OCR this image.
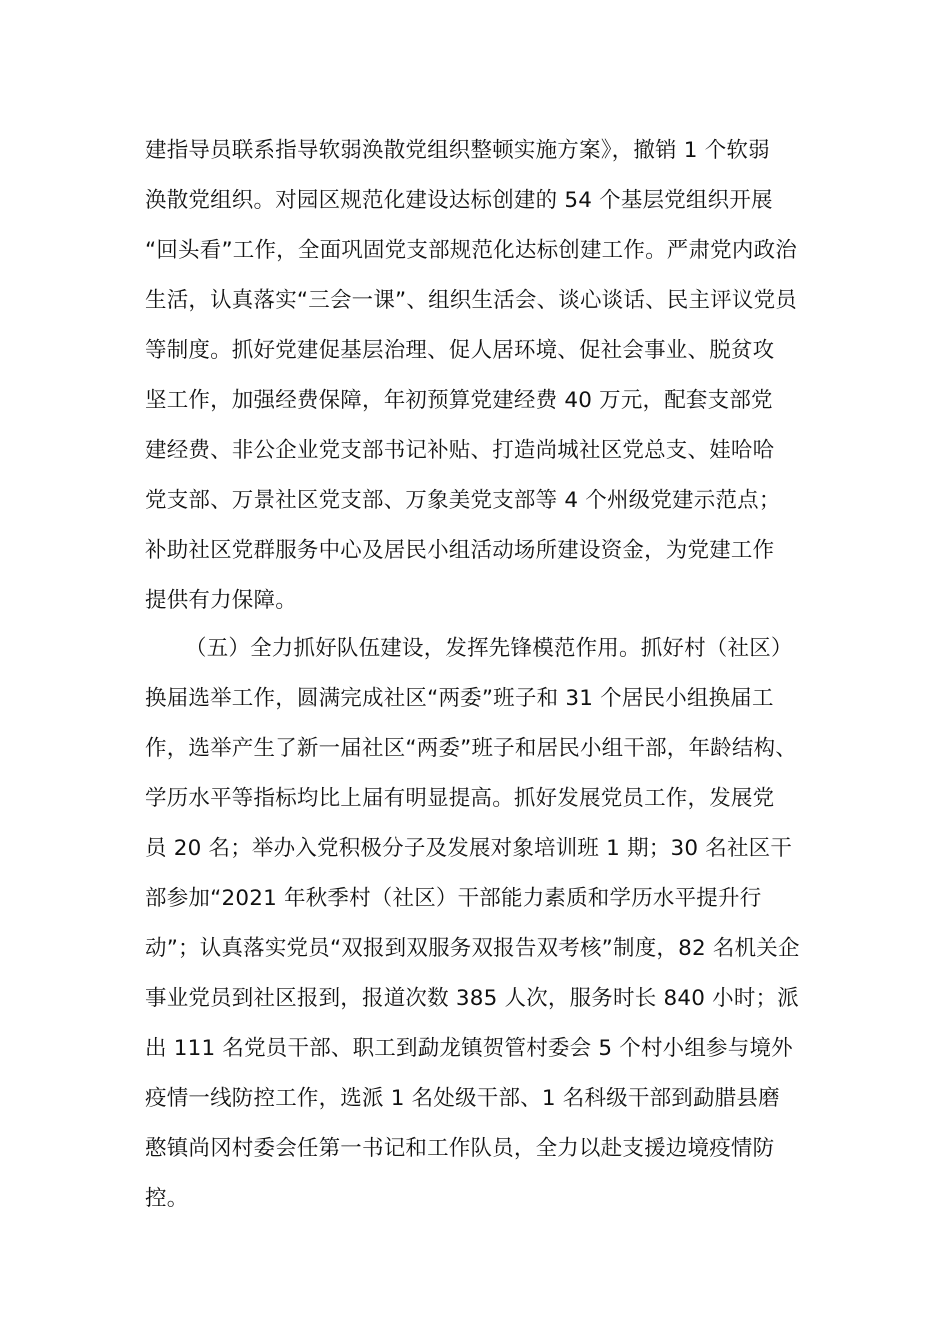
建指导员联系指导软弱涣散党组织整顿实施方案》，撤销 1 个软弱
涣散党组织。对园区规范化建设达标创建的 54 个基层党组织开展
“回头看”工作，全面巩固党支部规范化达标创建工作。严肃党内政治
生活，认真落实“三会一课”、组织生活会、谈心谈话、民主评议党员
等制度。抓好党建促基层治理、促人居环境、促社会事业、脱贫攻
坚工作，加强经费保障，年初预算党建经费 40 万元，配套支部党
建经费、非公企业党支部书记补贴、打造尚城社区党总支、娃哈哈
党支部、万景社区党支部、万象美党支部等 4 个州级党建示范点；
补助社区党群服务中心及居民小组活动场所建设资金，为党建工作
提供有力保障。
（五）全力抓好队伍建设，发挥先锋模范作用。抓好村（社区）
换届选举工作，圆满完成社区“两委”班子和 31 个居民小组换届工
作，选举产生了新一届社区“两委”班子和居民小组干部，年龄结构、
学历水平等指标均比上届有明显提高。抓好发展党员工作，发展党
员 20 名；举办入党积极分子及发展对象培训班 1 期；30 名社区干
部参加“2021 年秋季村（社区）干部能力素质和学历水平提升行
动”；认真落实党员“双报到双服务双报告双考核”制度，82 名机关企
事业党员到社区报到，报道次数 385 人次，服务时长 840 小时；派
出 111 名党员干部、职工到勐龙镇贺管村委会 5 个村小组参与境外
疫情一线防控工作，选派 1 名处级干部、1 名科级干部到勐腊县磨
憨镇尚冈村委会任第一书记和工作队员，全力以赴支援边境疫情防
控。
